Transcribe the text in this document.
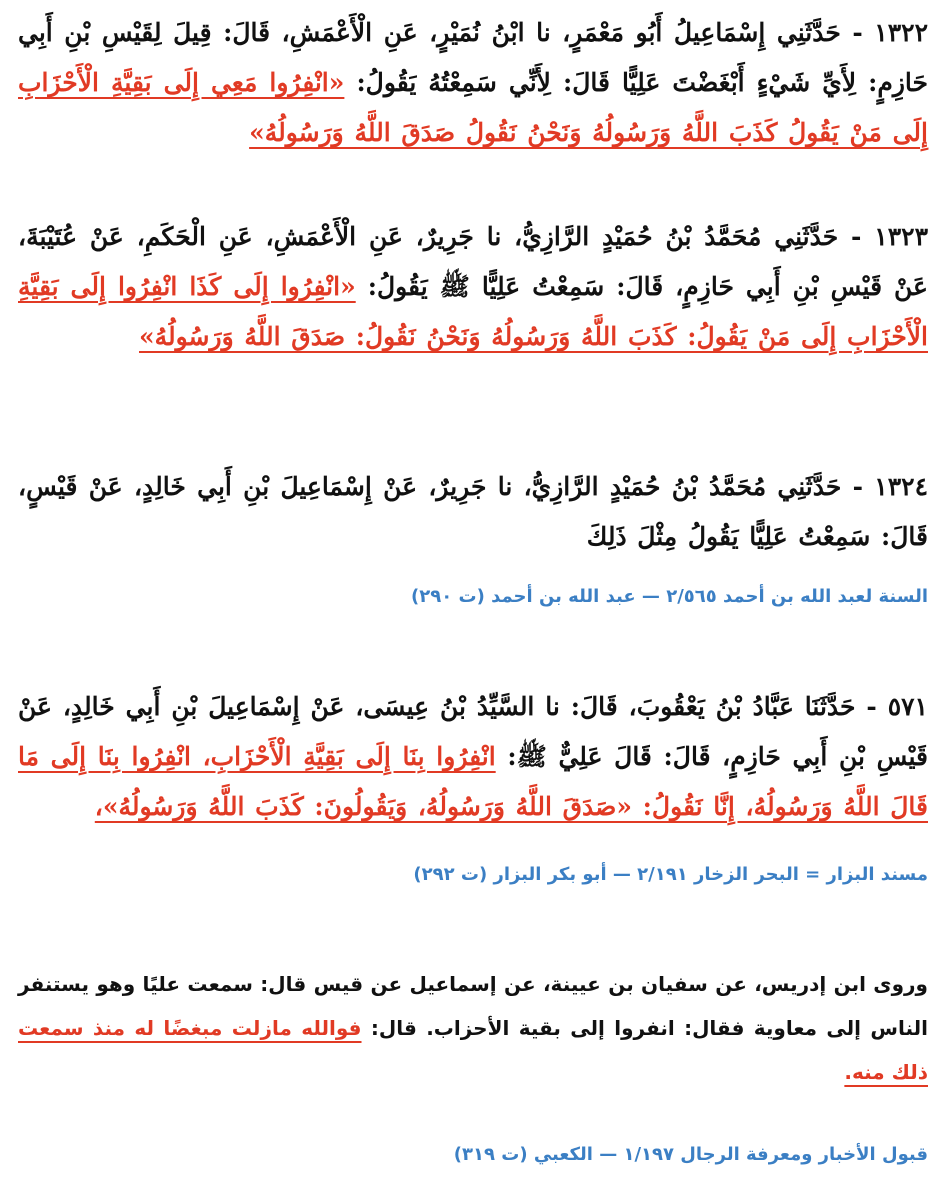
١٣٢٢ - حَدَّثَنِي إِسْمَاعِيلُ أَبُو مَعْمَرٍ، نا ابْنُ نُمَيْرٍ، عَنِ الْأَعْمَشِ، قَالَ: قِيلَ لِقَيْسِ بْنِ أَبِي حَازِمٍ: لِأَيِّ شَيْءٍ أَبْغَضْتَ عَلِيًّا قَالَ: لِأَنِّي سَمِعْتُهُ يَقُولُ: «انْفِرُوا مَعِي إِلَى بَقِيَّةِ الْأَحْزَابِ إِلَى مَنْ يَقُولُ كَذَبَ اللَّهُ وَرَسُولُهُ وَنَحْنُ نَقُولُ صَدَقَ اللَّهُ وَرَسُولُهُ»
١٣٢٣ - حَدَّثَنِي مُحَمَّدُ بْنُ حُمَيْدٍ الرَّازِيُّ، نا جَرِيرٌ، عَنِ الْأَعْمَشِ، عَنِ الْحَكَمِ، عَنْ عُتَيْبَةَ، عَنْ قَيْسِ بْنِ أَبِي حَازِمٍ، قَالَ: سَمِعْتُ عَلِيًّا ﷺ يَقُولُ: «انْفِرُوا إِلَى كَذَا انْفِرُوا إِلَى بَقِيَّةِ الْأَحْزَابِ إِلَى مَنْ يَقُولُ: كَذَبَ اللَّهُ وَرَسُولُهُ وَنَحْنُ نَقُولُ: صَدَقَ اللَّهُ وَرَسُولُهُ»
١٣٢٤ - حَدَّثَنِي مُحَمَّدُ بْنُ حُمَيْدٍ الرَّازِيُّ، نا جَرِيرٌ، عَنْ إِسْمَاعِيلَ بْنِ أَبِي خَالِدٍ، عَنْ قَيْسٍ، قَالَ: سَمِعْتُ عَلِيًّا يَقُولُ مِثْلَ ذَلِكَ
السنة لعبد الله بن أحمد ٢/٥٦٥ — عبد الله بن أحمد (ت ٢٩٠)
٥٧١ - حَدَّثَنَا عَبَّادُ بْنُ يَعْقُوبَ، قَالَ: نا السَّيِّدُ بْنُ عِيسَى، عَنْ إِسْمَاعِيلَ بْنِ أَبِي خَالِدٍ، عَنْ قَيْسِ بْنِ أَبِي حَازِمٍ، قَالَ: قَالَ عَلِيٌّ ﷺ: انْفِرُوا بِنَا إِلَى بَقِيَّةِ الْأَحْزَابِ، انْفِرُوا بِنَا إِلَى مَا قَالَ اللَّهُ وَرَسُولُهُ، إِنَّا نَقُولُ: «صَدَقَ اللَّهُ وَرَسُولُهُ، وَيَقُولُونَ: كَذَبَ اللَّهُ وَرَسُولُهُ»،
مسند البزار = البحر الزخار ٢/١٩١ — أبو بكر البزار (ت ٢٩٢)
وروى ابن إدريس، عن سفيان بن عيينة، عن إسماعيل عن قيس قال: سمعت عليًا وهو يستنفر الناس إلى معاوية فقال: انفروا إلى بقية الأحزاب. قال: فوالله مازلت مبغضًا له منذ سمعت ذلك منه.
قبول الأخبار ومعرفة الرجال ١/١٩٧ — الكعبي (ت ٣١٩)
